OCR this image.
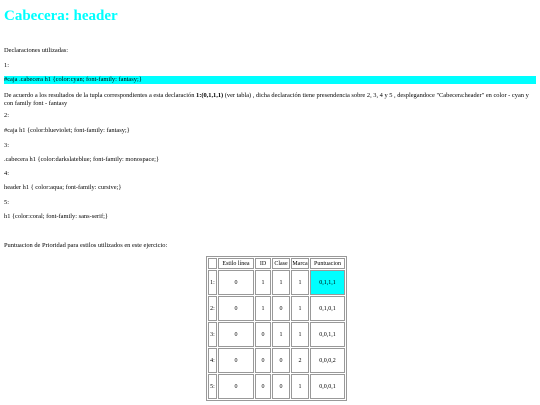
Cabecera: header
Declaraciones utilizadas:
1:
#caja .cabecera h1 {color:cyan; font-family: fantasy;}
De acuerdo a los resultados de la tupla correspondientes a esta declaración 1:(0,1,1,1) (ver tabla) , dicha declaración tiene presendencia sobre 2, 3, 4 y 5 , desplegandoce "Cabecera:header" en color - cyan y con family font - fantasy
2:
#caja h1 {color:blueviolet; font-family: fantasy;}
3:
.cabecera h1 {color:darkslateblue; font-family: monospace;}
4:
header h1 { color:aqua; font-family: cursive;}
5:
h1 {color:coral; font-family: sans-serif;}
Puntuacion de Prioridad para estilos utilizados en este ejercicio:
	Estilo línea	ID	Clase	Marca	Puntuacion
1:	0	1	1	1	0,1,1,1
2:	0	1	0	1	0,1,0,1
3:	0	0	1	1	0,0,1,1
4:	0	0	0	2	0,0,0,2
5:	0	0	0	1	0,0,0,1
